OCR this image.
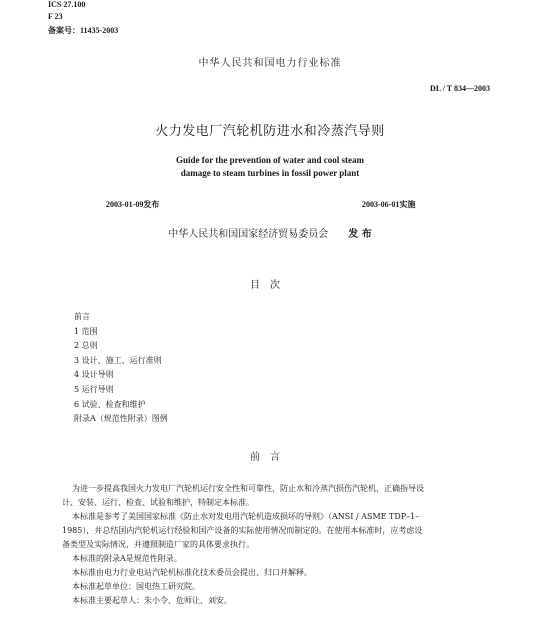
ICS 27.100
F 23
备案号：11435-2003
中华人民共和国电力行业标准
DL / T 834—2003
火力发电厂汽轮机防进水和冷蒸汽导则
Guide for the prevention of water and cool steam
damage to steam turbines in fossil power plant
2003-01-09发布	2003-06-01实施
中华人民共和国国家经济贸易委员会 发 布
目次
前言
1 范围
2 总则
3 设计、施工、运行准则
4 设计导则
5 运行导则
6 试验、检查和维护
附录A（规范性附录）图例
前言
为进一步提高我国火力发电厂汽轮机运行安全性和可靠性，防止水和冷蒸汽损伤汽轮机，正确指导设
计、安装、运行、检查、试验和维护，特制定本标准。
本标准是参考了美国国家标准《防止水对发电用汽轮机造成损坏的导则》（ANSI / ASME TDP–1–
1985），并总结国内汽轮机运行经验和国产设备的实际使用情况而制定的。在使用本标准时，应考虑设
备类型及实际情况，并遵照制造厂家的具体要求执行。
本标准的附录A是规范性附录。
本标准由电力行业电站汽轮机标准化技术委员会提出、归口并解释。
本标准起草单位：国电热工研究院。
本标准主要起草人：朱小令、危师让、刘安。
